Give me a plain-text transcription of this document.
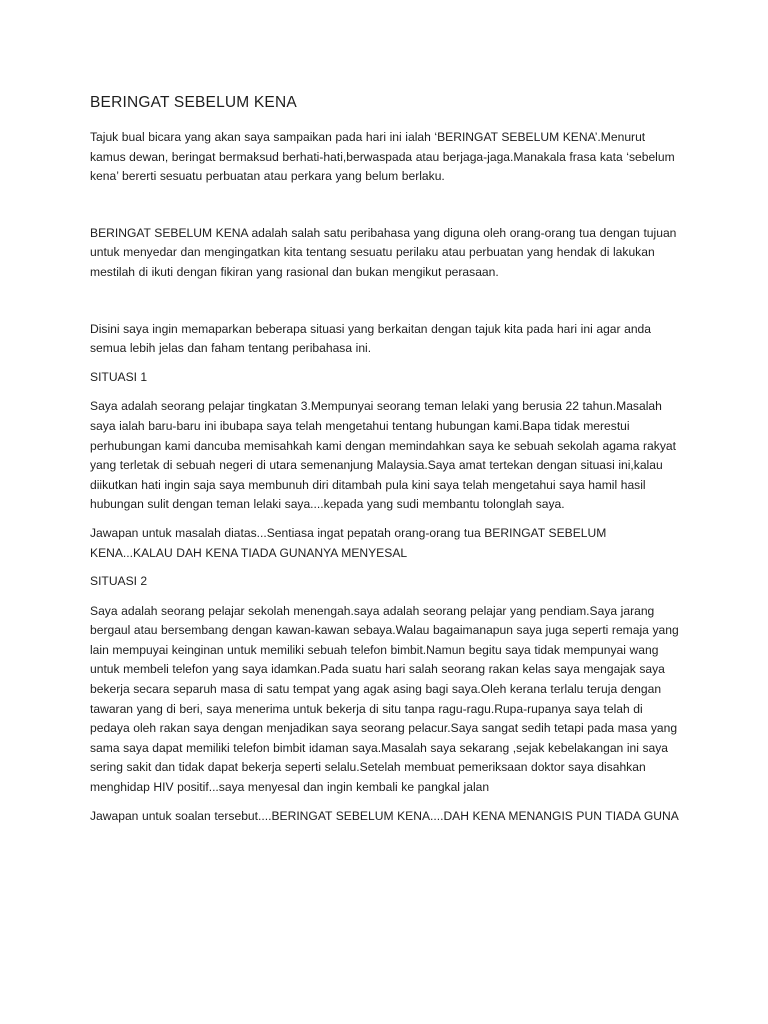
BERINGAT SEBELUM KENA

Tajuk bual bicara yang akan saya sampaikan pada hari ini ialah ‘BERINGAT SEBELUM KENA’.Menurut kamus dewan, beringat bermaksud berhati-hati,berwaspada atau berjaga-jaga.Manakala frasa kata ‘sebelum kena’ bererti sesuatu perbuatan atau perkara yang belum berlaku.

BERINGAT SEBELUM KENA adalah salah satu peribahasa yang diguna oleh orang-orang tua dengan tujuan untuk menyedar dan mengingatkan kita tentang sesuatu perilaku atau perbuatan yang hendak di lakukan mestilah di ikuti dengan fikiran yang rasional dan bukan mengikut perasaan.

Disini saya ingin memaparkan beberapa situasi yang berkaitan dengan tajuk kita pada hari ini agar anda semua lebih jelas dan faham tentang peribahasa ini.

SITUASI 1

Saya adalah seorang pelajar tingkatan 3.Mempunyai seorang teman lelaki yang berusia 22 tahun.Masalah saya ialah baru-baru ini ibubapa saya telah mengetahui tentang hubungan kami.Bapa tidak merestui perhubungan kami dancuba memisahkah kami dengan memindahkan saya ke sebuah sekolah agama rakyat yang terletak di sebuah negeri di utara semenanjung Malaysia.Saya amat tertekan dengan situasi ini,kalau diikutkan hati ingin saja saya membunuh diri ditambah pula kini saya telah mengetahui saya hamil hasil hubungan sulit dengan teman lelaki saya....kepada yang sudi membantu tolonglah saya.

Jawapan untuk masalah diatas...Sentiasa ingat pepatah orang-orang tua BERINGAT SEBELUM KENA...KALAU DAH KENA TIADA GUNANYA MENYESAL

SITUASI 2

Saya adalah seorang pelajar sekolah menengah.saya adalah seorang pelajar yang pendiam.Saya jarang bergaul atau bersembang dengan kawan-kawan sebaya.Walau bagaimanapun saya juga seperti remaja yang lain mempuyai keinginan untuk memiliki sebuah telefon bimbit.Namun begitu saya tidak mempunyai wang untuk membeli telefon yang saya idamkan.Pada suatu hari salah seorang rakan kelas saya mengajak saya bekerja secara separuh masa di satu tempat yang agak asing bagi saya.Oleh kerana terlalu teruja dengan tawaran yang di beri, saya menerima untuk bekerja di situ tanpa ragu-ragu.Rupa-rupanya saya telah di pedaya oleh rakan saya dengan menjadikan saya seorang pelacur.Saya sangat sedih tetapi pada masa yang sama saya dapat memiliki telefon bimbit idaman saya.Masalah saya sekarang ,sejak kebelakangan ini saya sering sakit dan tidak dapat bekerja seperti selalu.Setelah membuat pemeriksaan doktor saya disahkan menghidap HIV positif...saya menyesal dan ingin kembali ke pangkal jalan

Jawapan untuk soalan tersebut....BERINGAT SEBELUM KENA....DAH KENA MENANGIS PUN TIADA GUNA
